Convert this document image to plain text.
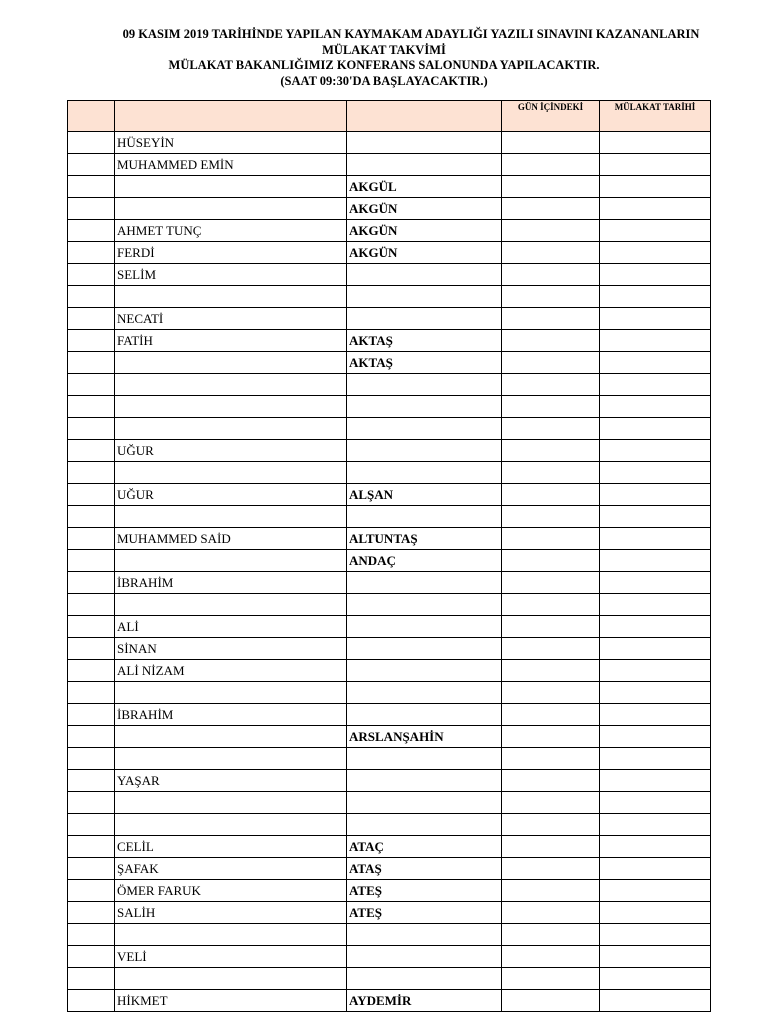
09 KASIM 2019 TARİHİNDE YAPILAN KAYMAKAM ADAYLIĞI YAZILI SINAVINI KAZANANLARIN
MÜLAKAT TAKVİMİ
MÜLAKAT BAKANLIĞIMIZ KONFERANS SALONUNDA YAPILACAKTIR.
(SAAT 09:30'DA BAŞLAYACAKTIR.)
			GÜN İÇİNDEKİ	MÜLAKAT TARİHİ
	HÜSEYİN			
	MUHAMMED EMİN			
		AKGÜL		
		AKGÜN		
	AHMET TUNÇ	AKGÜN		
	FERDİ	AKGÜN		
	SELİM			

	NECATİ			
	FATİH	AKTAŞ		
		AKTAŞ		

	UĞUR			

	UĞUR	ALŞAN		

	MUHAMMED SAİD	ALTUNTAŞ		
		ANDAÇ		
	İBRAHİM			

	ALİ			
	SİNAN			
	ALİ NİZAM			

	İBRAHİM			
		ARSLANŞAHİN		

	YAŞAR			

	CELİL	ATAÇ		
	ŞAFAK	ATAŞ		
	ÖMER FARUK	ATEŞ		
	SALİH	ATEŞ		

	VELİ			

	HİKMET	AYDEMİR		
